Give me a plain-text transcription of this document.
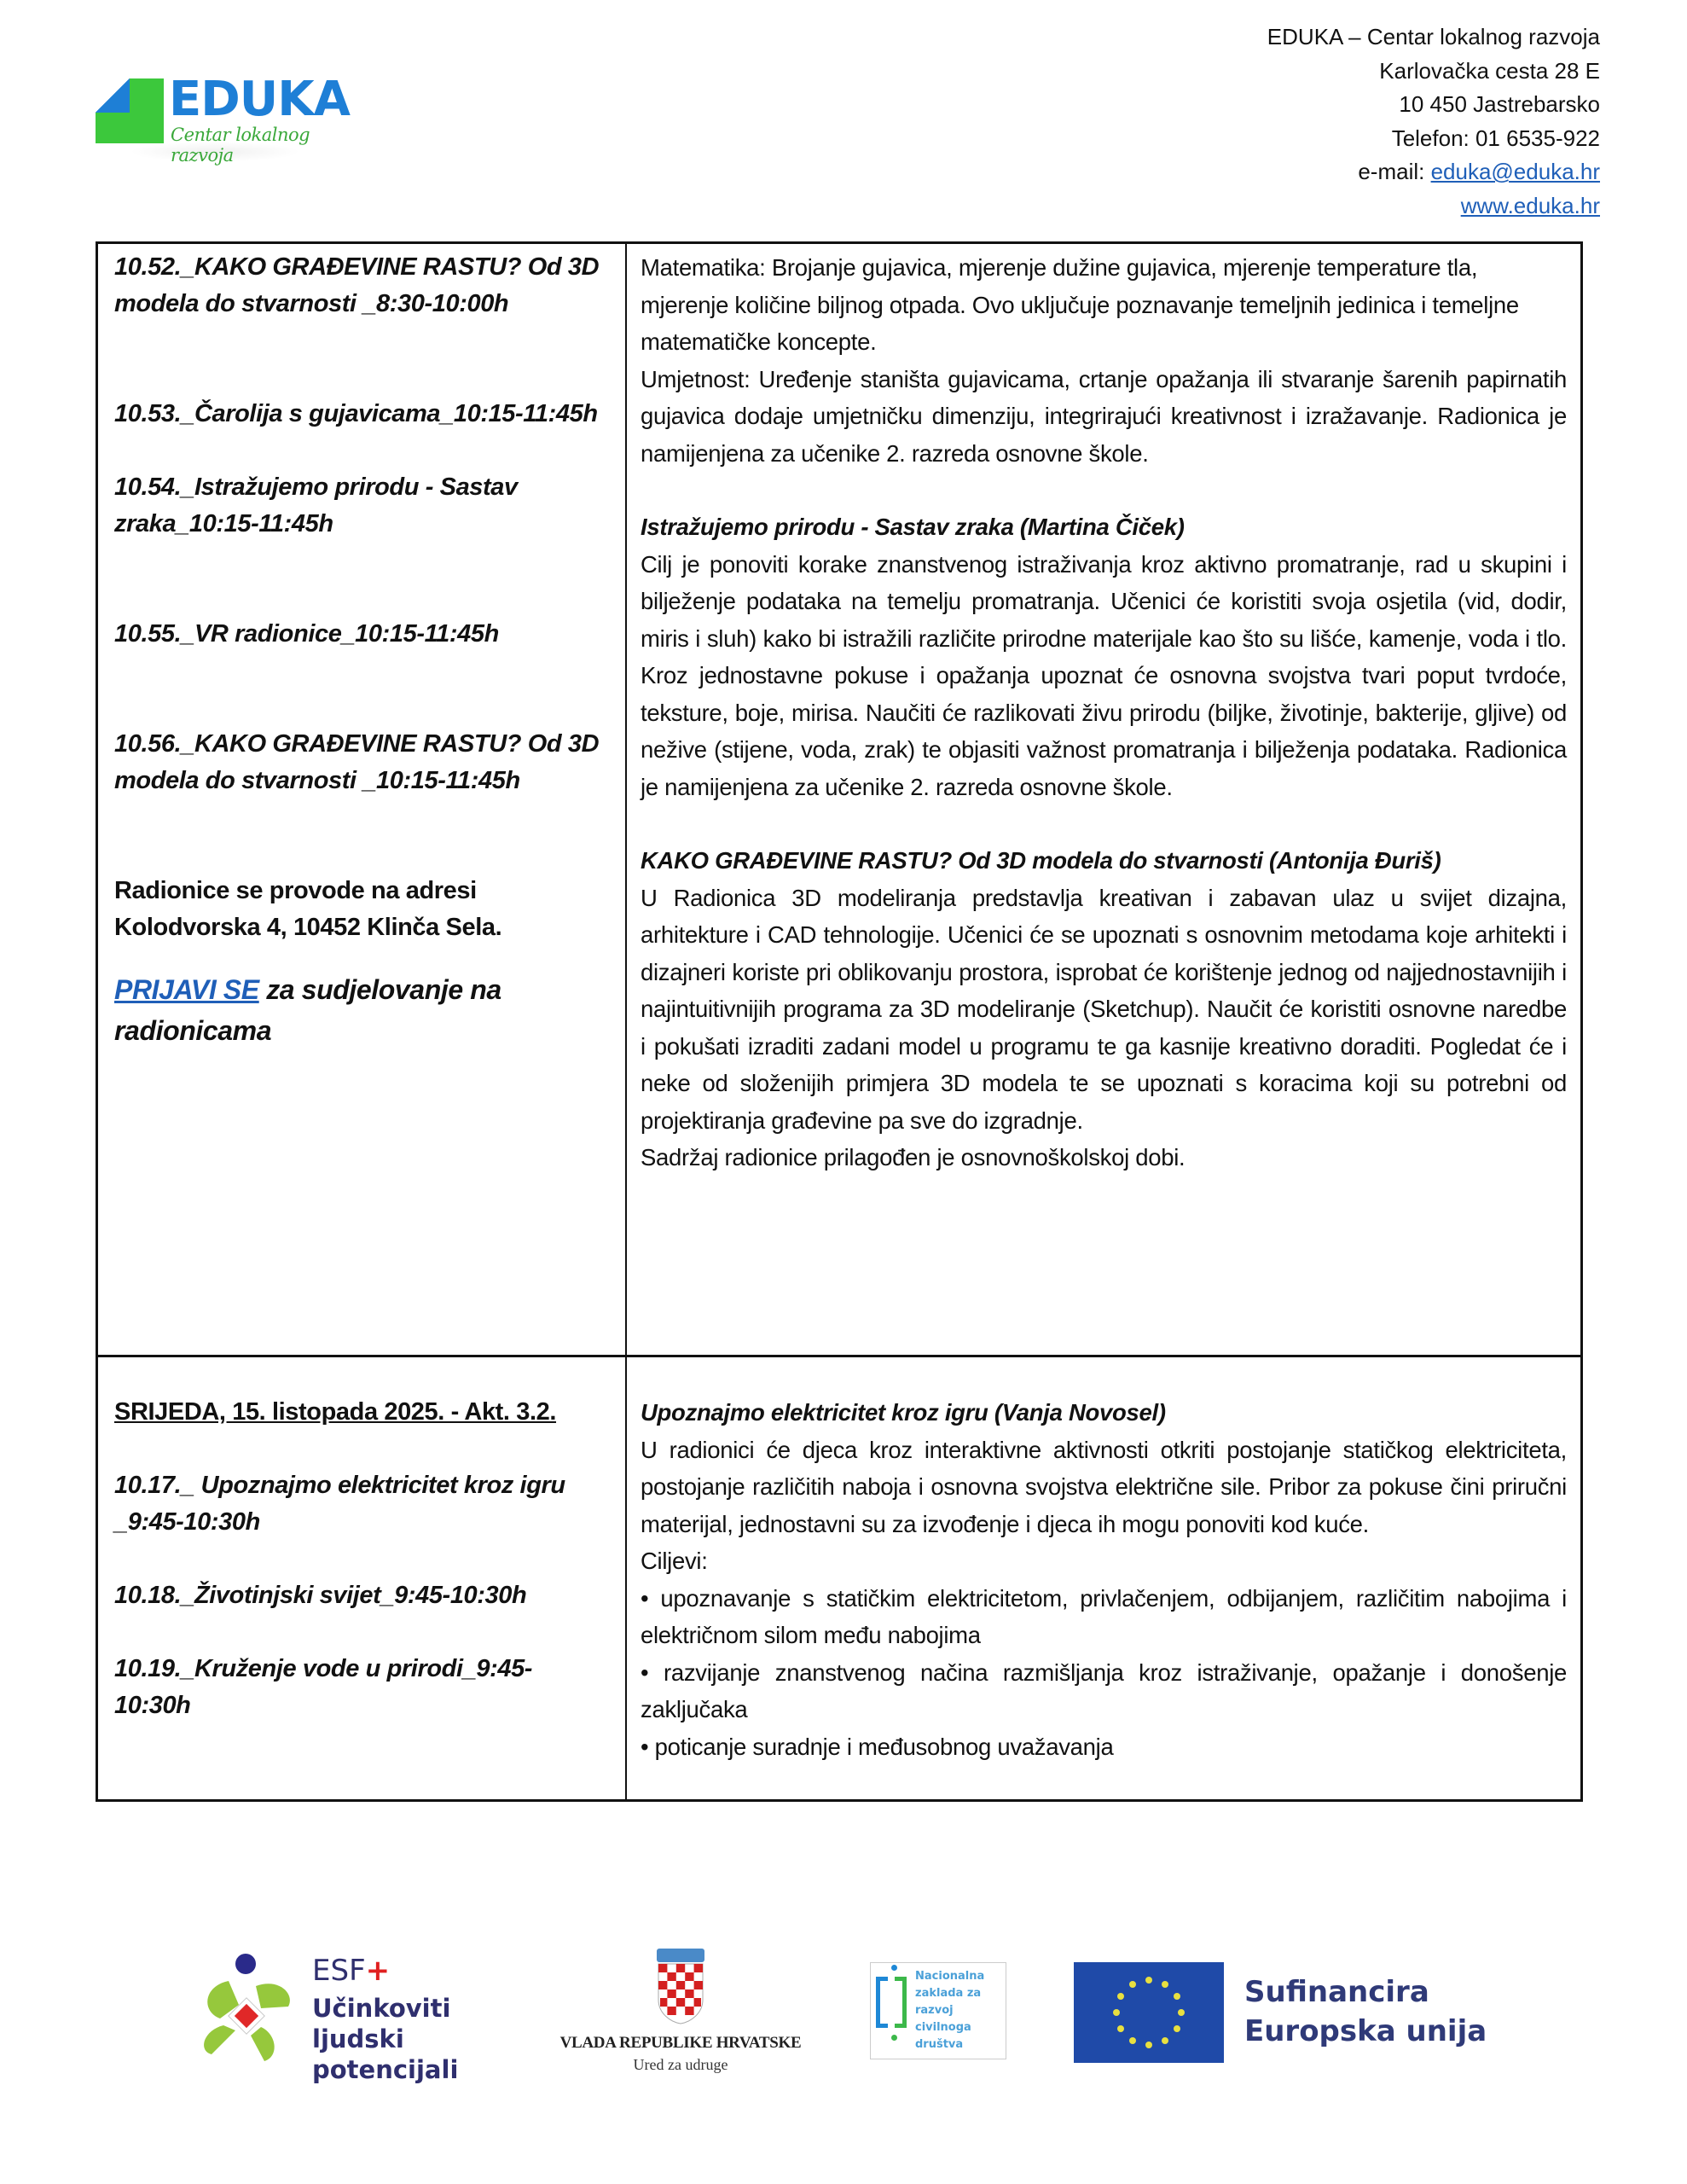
EDUKA
Centar lokalnog razvoja
EDUKA – Centar lokalnog razvoja
Karlovačka cesta 28 E
10 450 Jastrebarsko
Telefon: 01 6535-922
e-mail: eduka@eduka.hr
www.eduka.hr

10.52._KAKO GRAĐEVINE RASTU? Od 3D modela do stvarnosti _8:30-10:00h

10.53._Čarolija s gujavicama_10:15-11:45h

10.54._Istražujemo prirodu - Sastav zraka_10:15-11:45h

10.55._VR radionice_10:15-11:45h

10.56._KAKO GRAĐEVINE RASTU? Od 3D modela do stvarnosti _10:15-11:45h

Radionice se provode na adresi

Kolodvorska 4, 10452 Klinča Sela.

PRIJAVI SE za sudjelovanje na radionicama

Matematika: Brojanje gujavica, mjerenje dužine gujavica, mjerenje temperature tla, mjerenje količine biljnog otpada. Ovo uključuje poznavanje temeljnih jedinica i temeljne matematičke koncepte.

Umjetnost: Uređenje staništa gujavicama, crtanje opažanja ili stvaranje šarenih papirnatih gujavica dodaje umjetničku dimenziju, integrirajući kreativnost i izražavanje. Radionica je namijenjena za učenike 2. razreda osnovne škole.

Istražujemo prirodu - Sastav zraka (Martina Čiček)

Cilj je ponoviti korake znanstvenog istraživanja kroz aktivno promatranje, rad u skupini i bilježenje podataka na temelju promatranja. Učenici će koristiti svoja osjetila (vid, dodir, miris i sluh) kako bi istražili različite prirodne materijale kao što su lišće, kamenje, voda i tlo. Kroz jednostavne pokuse i opažanja upoznat će osnovna svojstva tvari poput tvrdoće, teksture, boje, mirisa. Naučiti će razlikovati živu prirodu (biljke, životinje, bakterije, gljive) od nežive (stijene, voda, zrak) te objasiti važnost promatranja i bilježenja podataka. Radionica je namijenjena za učenike 2. razreda osnovne škole.

KAKO GRAĐEVINE RASTU? Od 3D modela do stvarnosti (Antonija Đuriš)

U Radionica 3D modeliranja predstavlja kreativan i zabavan ulaz u svijet dizajna, arhitekture i CAD tehnologije. Učenici će se upoznati s osnovnim metodama koje arhitekti i dizajneri koriste pri oblikovanju prostora, isprobat će korištenje jednog od najjednostavnijih i najintuitivnijih programa za 3D modeliranje (Sketchup). Naučit će koristiti osnovne naredbe i pokušati izraditi zadani model u programu te ga kasnije kreativno doraditi. Pogledat će i neke od složenijih primjera 3D modela te se upoznati s koracima koji su potrebni od projektiranja građevine pa sve do izgradnje.

Sadržaj radionice prilagođen je osnovnoškolskoj dobi.

SRIJEDA, 15. listopada 2025. - Akt. 3.2.

10.17._ Upoznajmo elektricitet kroz igru _9:45-10:30h

10.18._Životinjski svijet_9:45-10:30h

10.19._Kruženje vode u prirodi_9:45-10:30h

Upoznajmo elektricitet kroz igru (Vanja Novosel)

U radionici će djeca kroz interaktivne aktivnosti otkriti postojanje statičkog elektriciteta, postojanje različitih naboja i osnovna svojstva električne sile. Pribor za pokuse čini priručni materijal, jednostavni su za izvođenje i djeca ih mogu ponoviti kod kuće.

Ciljevi:

• upoznavanje s statičkim elektricitetom, privlačenjem, odbijanjem, različitim nabojima i električnom silom među nabojima

• razvijanje znanstvenog načina razmišljanja kroz istraživanje, opažanje i donošenje zaključaka

• poticanje suradnje i međusobnog uvažavanja

ESF+
Učinkoviti ljudski
potencijali
VLADA REPUBLIKE HRVATSKE
Ured za udruge
Nacionalna
zaklada za
razvoj
civilnoga
društva
Sufinancira
Europska unija
